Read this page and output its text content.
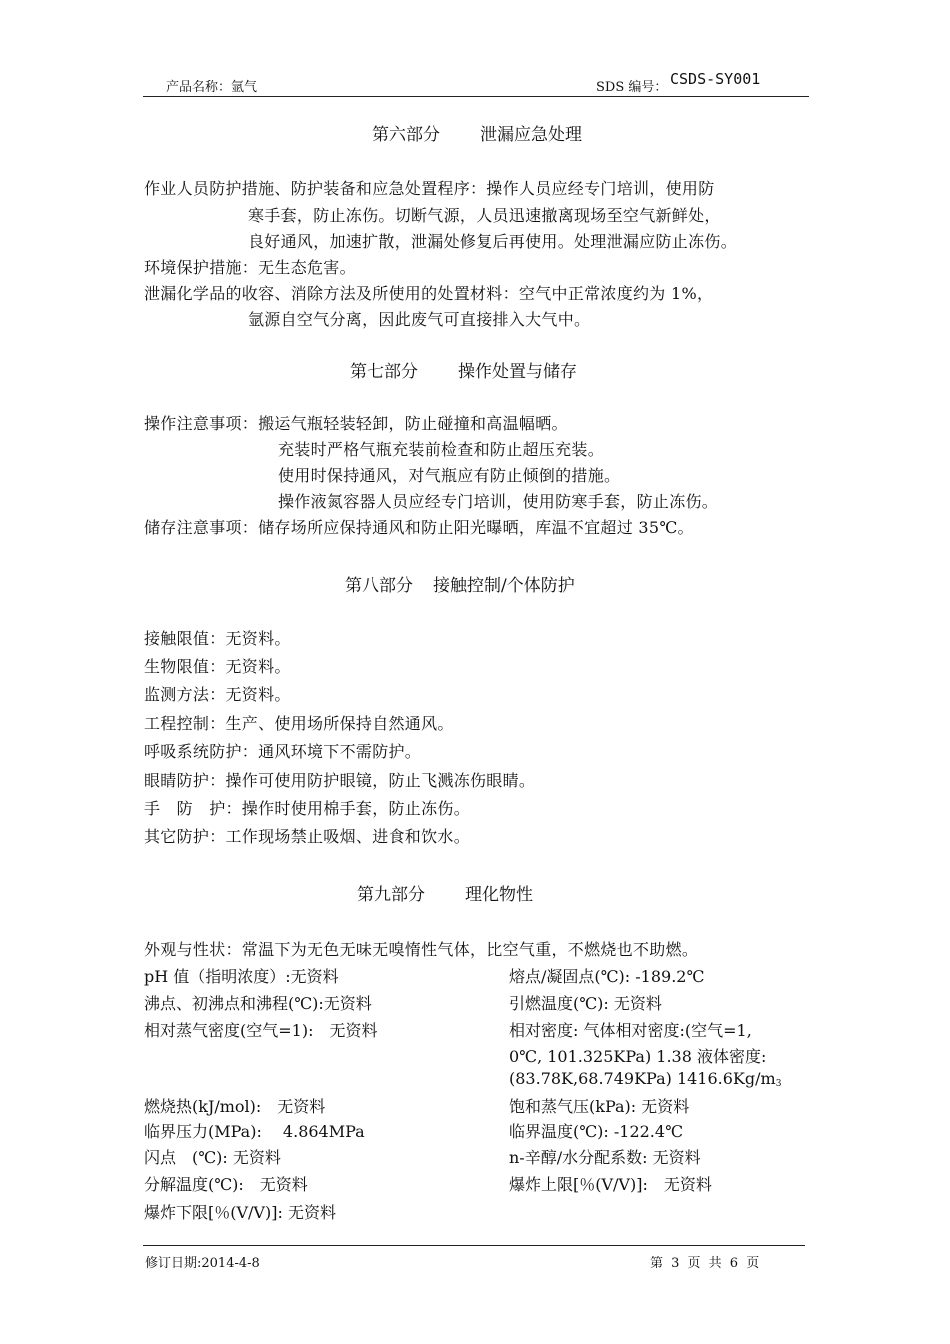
产品名称：氩气	SDS 编号： CSDS-SY001
第六部分 泄漏应急处理
作业人员防护措施、防护装备和应急处置程序：操作人员应经专门培训，使用防
寒手套，防止冻伤。切断气源，人员迅速撤离现场至空气新鲜处，
良好通风，加速扩散，泄漏处修复后再使用。处理泄漏应防止冻伤。
环境保护措施：无生态危害。
泄漏化学品的收容、消除方法及所使用的处置材料：空气中正常浓度约为 1%，
氩源自空气分离，因此废气可直接排入大气中。
第七部分 操作处置与储存
操作注意事项：搬运气瓶轻装轻卸，防止碰撞和高温幅晒。
充装时严格气瓶充装前检查和防止超压充装。
使用时保持通风，对气瓶应有防止倾倒的措施。
操作液氮容器人员应经专门培训，使用防寒手套，防止冻伤。
储存注意事项：储存场所应保持通风和防止阳光曝晒，库温不宜超过 35℃。
第八部分 接触控制/个体防护
接触限值：无资料。
生物限值：无资料。
监测方法：无资料。
工程控制：生产、使用场所保持自然通风。
呼吸系统防护：通风环境下不需防护。
眼睛防护：操作可使用防护眼镜，防止飞溅冻伤眼睛。
手　防　护：操作时使用棉手套，防止冻伤。
其它防护：工作现场禁止吸烟、进食和饮水。
第九部分 理化物性
外观与性状：常温下为无色无味无嗅惰性气体，比空气重，不燃烧也不助燃。
pH 值（指明浓度）:无资料
沸点、初沸点和沸程(℃):无资料
相对蒸气密度(空气=1):　无资料
燃烧热(kJ/mol):　无资料
临界压力(MPa):　 4.864MPa
闪点　(℃): 无资料
分解温度(℃):　无资料
爆炸下限[％(V/V)]: 无资料
熔点/凝固点(℃): -189.2℃
引燃温度(℃): 无资料
相对密度: 气体相对密度:(空气=1,
0℃, 101.325KPa) 1.38 液体密度:
(83.78K,68.749KPa) $1416.6Kg/m_3$
饱和蒸气压(kPa): 无资料
临界温度(℃): -122.4℃
n-辛醇/水分配系数: 无资料
爆炸上限[％(V/V)]:　无资料
修订日期:2014-4-8	第 3 页 共 6 页
